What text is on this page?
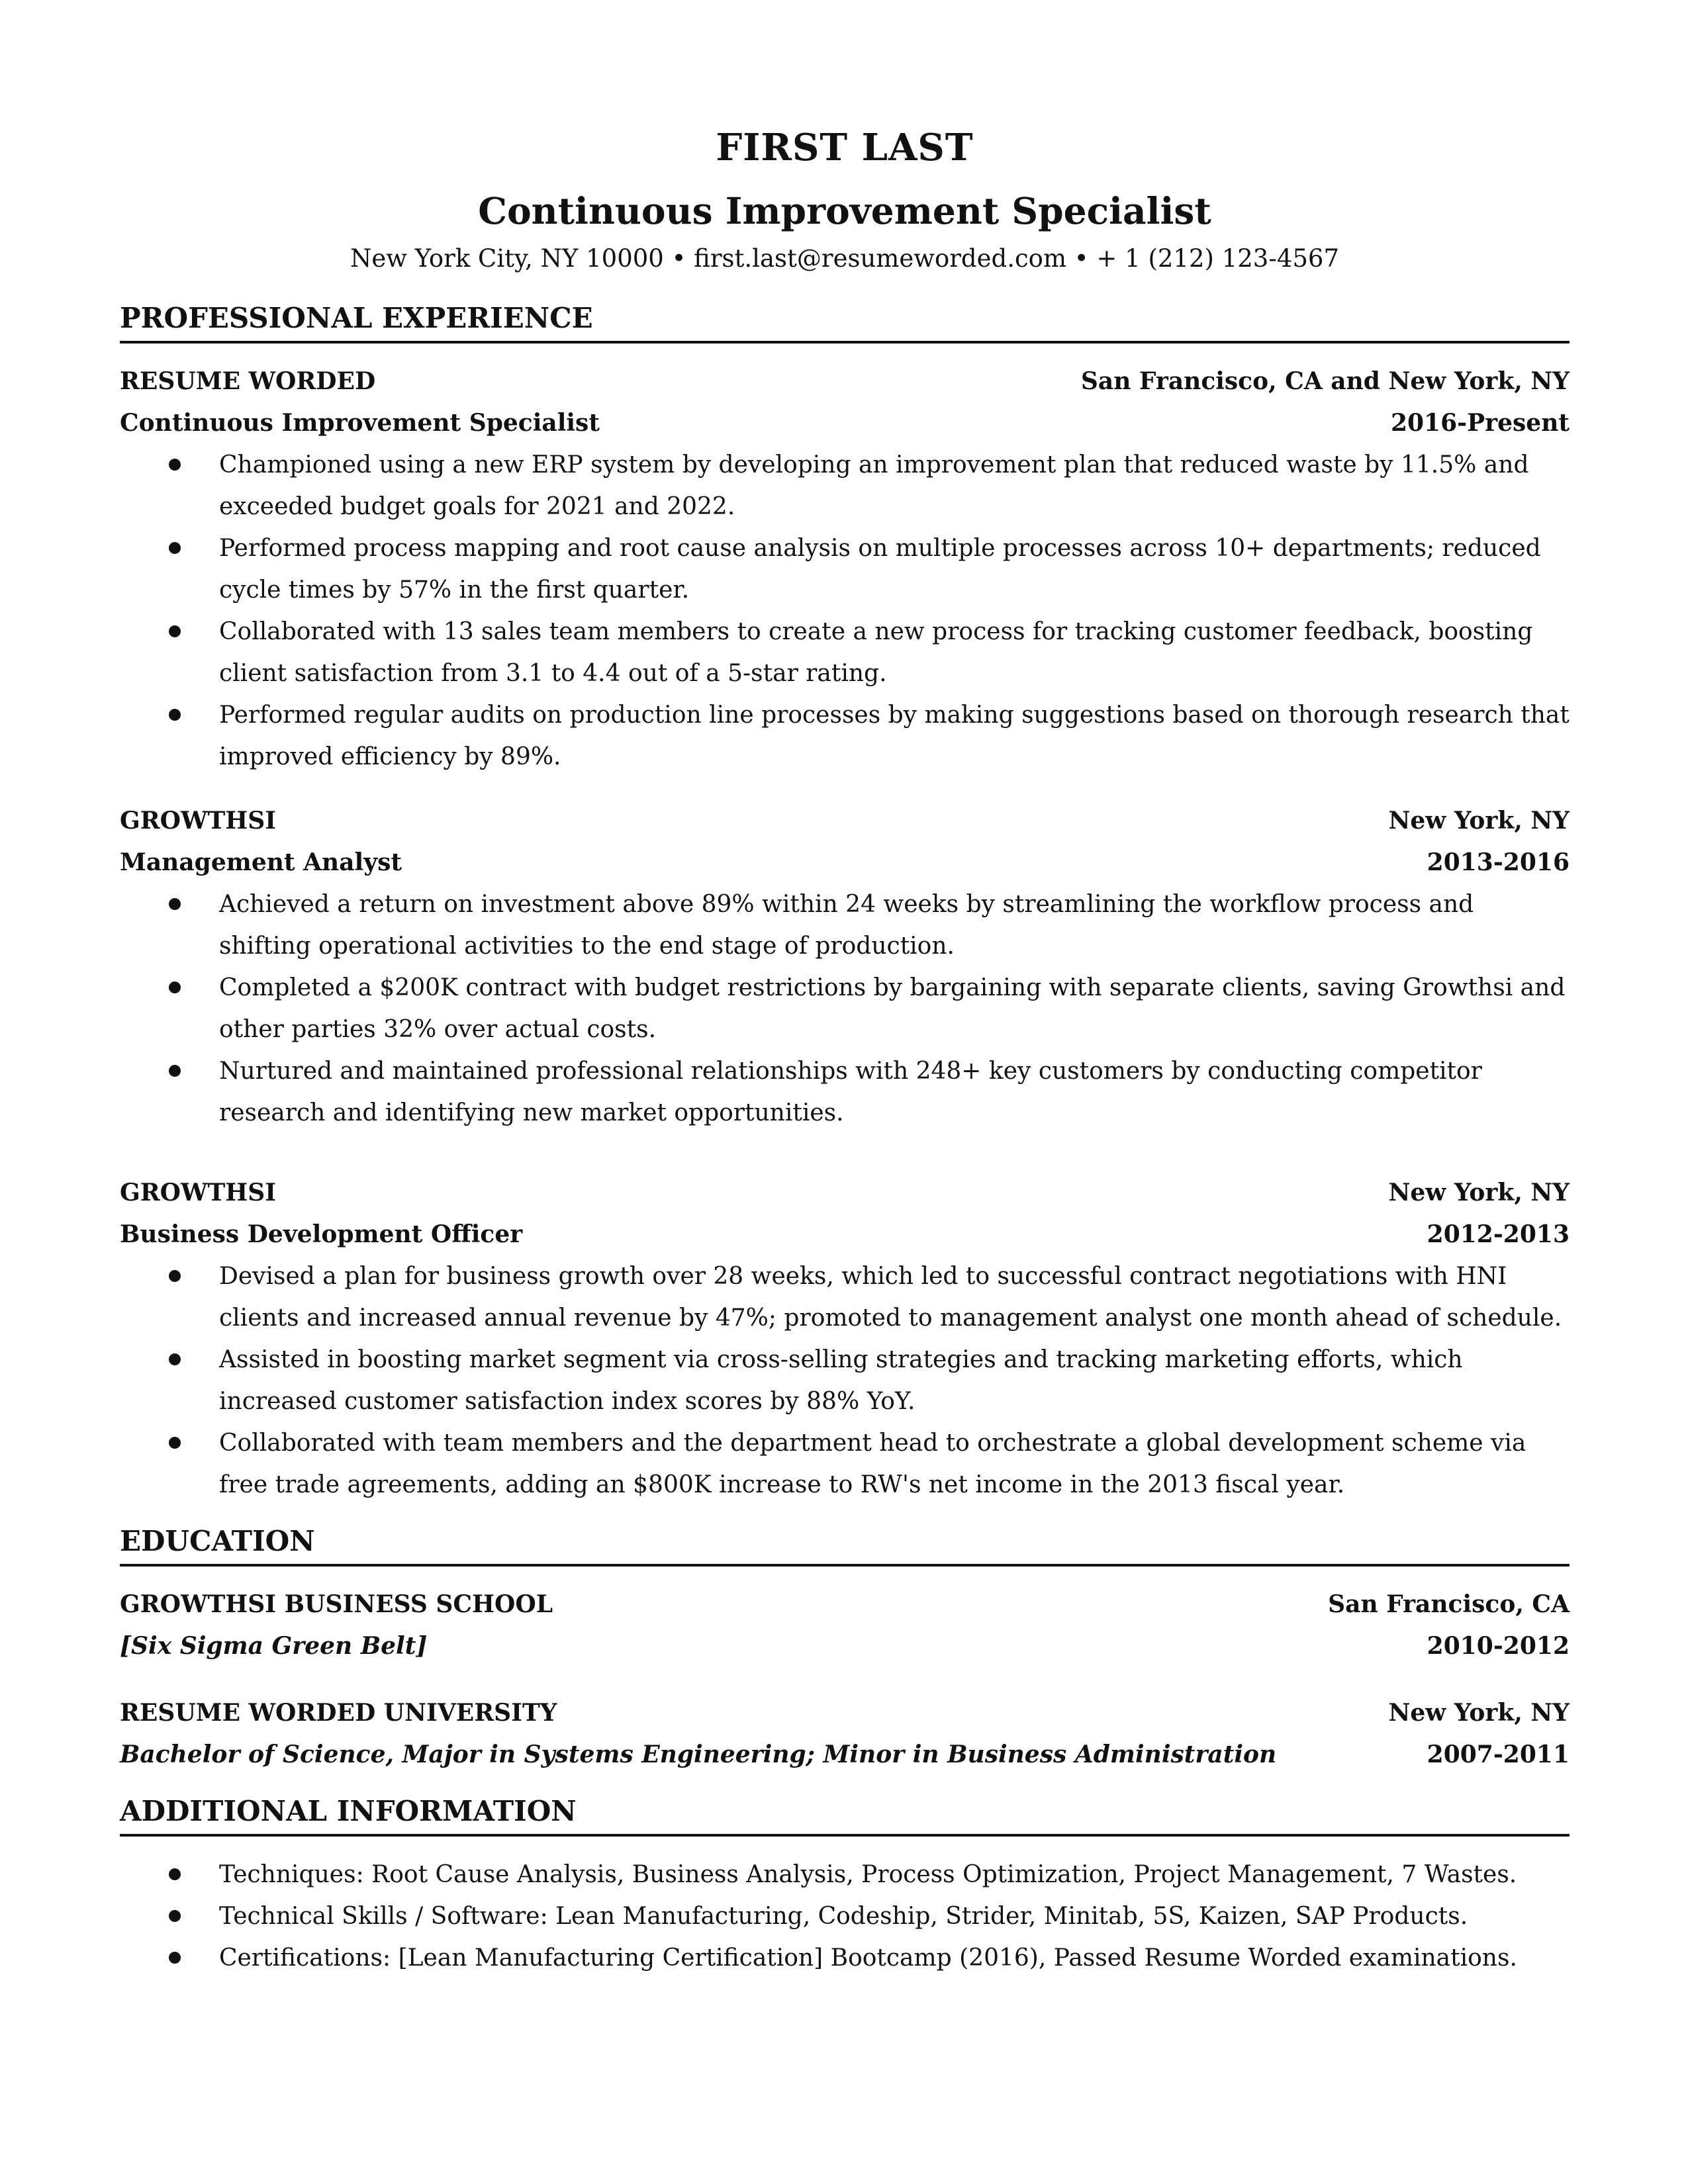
FIRST LAST
Continuous Improvement Specialist
New York City, NY 10000 • first.last@resumeworded.com • + 1 (212) 123-4567
PROFESSIONAL EXPERIENCE
RESUME WORDED	San Francisco, CA and New York, NY
Continuous Improvement Specialist	2016-Present
Championed using a new ERP system by developing an improvement plan that reduced waste by 11.5% and exceeded budget goals for 2021 and 2022.
Performed process mapping and root cause analysis on multiple processes across 10+ departments; reduced cycle times by 57% in the first quarter.
Collaborated with 13 sales team members to create a new process for tracking customer feedback, boosting client satisfaction from 3.1 to 4.4 out of a 5-star rating.
Performed regular audits on production line processes by making suggestions based on thorough research that improved efficiency by 89%.
GROWTHSI	New York, NY
Management Analyst	2013-2016
Achieved a return on investment above 89% within 24 weeks by streamlining the workflow process and shifting operational activities to the end stage of production.
Completed a $200K contract with budget restrictions by bargaining with separate clients, saving Growthsi and other parties 32% over actual costs.
Nurtured and maintained professional relationships with 248+ key customers by conducting competitor research and identifying new market opportunities.
GROWTHSI	New York, NY
Business Development Officer	2012-2013
Devised a plan for business growth over 28 weeks, which led to successful contract negotiations with HNI clients and increased annual revenue by 47%; promoted to management analyst one month ahead of schedule.
Assisted in boosting market segment via cross-selling strategies and tracking marketing efforts, which increased customer satisfaction index scores by 88% YoY.
Collaborated with team members and the department head to orchestrate a global development scheme via free trade agreements, adding an $800K increase to RW's net income in the 2013 fiscal year.
EDUCATION
GROWTHSI BUSINESS SCHOOL	San Francisco, CA
[Six Sigma Green Belt]	2010-2012
RESUME WORDED UNIVERSITY	New York, NY
Bachelor of Science, Major in Systems Engineering; Minor in Business Administration	2007-2011
ADDITIONAL INFORMATION
Techniques: Root Cause Analysis, Business Analysis, Process Optimization, Project Management, 7 Wastes.
Technical Skills / Software: Lean Manufacturing, Codeship, Strider, Minitab, 5S, Kaizen, SAP Products.
Certifications: [Lean Manufacturing Certification] Bootcamp (2016), Passed Resume Worded examinations.
